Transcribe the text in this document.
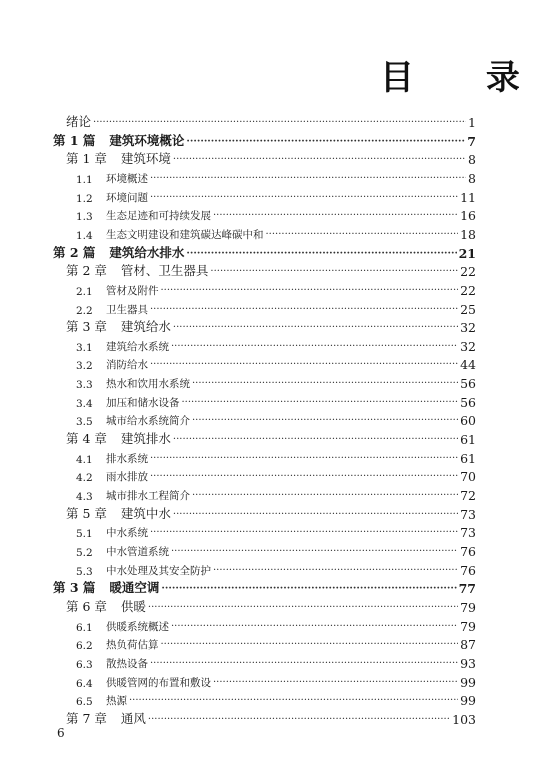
目 录
绪论 ·····	1
第 1 篇 建筑环境概论 ·····	7
第 1 章 建筑环境 ·····	8
1.1	环境概述 ·····	8
1.2	环境问题 ·····	11
1.3	生态足迹和可持续发展 ·····	16
1.4	生态文明建设和建筑碳达峰碳中和 ·····	18
第 2 篇 建筑给水排水 ·····	21
第 2 章 管材、卫生器具 ·····	22
2.1	管材及附件 ·····	22
2.2	卫生器具 ·····	25
第 3 章 建筑给水 ·····	32
3.1	建筑给水系统 ·····	32
3.2	消防给水 ·····	44
3.3	热水和饮用水系统 ·····	56
3.4	加压和储水设备 ·····	56
3.5	城市给水系统简介 ·····	60
第 4 章 建筑排水 ·····	61
4.1	排水系统 ·····	61
4.2	雨水排放 ·····	70
4.3	城市排水工程简介 ·····	72
第 5 章 建筑中水 ·····	73
5.1	中水系统 ·····	73
5.2	中水管道系统 ·····	76
5.3	中水处理及其安全防护 ·····	76
第 3 篇 暖通空调 ·····	77
第 6 章 供暖 ·····	79
6.1	供暖系统概述 ·····	79
6.2	热负荷估算 ·····	87
6.3	散热设备 ·····	93
6.4	供暖管网的布置和敷设 ·····	99
6.5	热源 ·····	99
第 7 章 通风 ·····	103
6
